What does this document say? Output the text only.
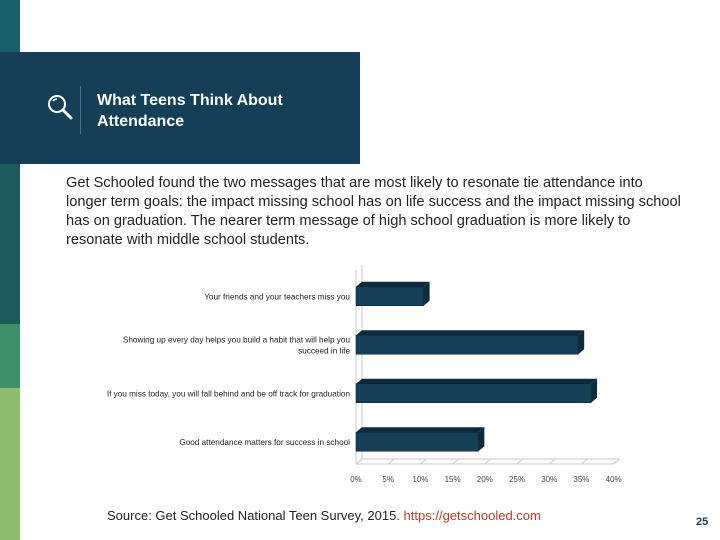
What Teens Think About
Attendance
Get Schooled found the two messages that are most likely to resonate tie attendance into longer term goals: the impact missing school has on life success and the impact missing school has on graduation. The nearer term message of high school graduation is more likely to resonate with middle school students.
Your friends and your teachers miss you
Showing up every day helps you build a habit that will help you succeed in life
If you miss today, you will fall behind and be off track for graduation
Good attendance matters for success in school
0%	5% 10% 15% 20% 25% 30% 35% 40%
Source: Get Schooled National Teen Survey, 2015. https://getschooled.com	25
